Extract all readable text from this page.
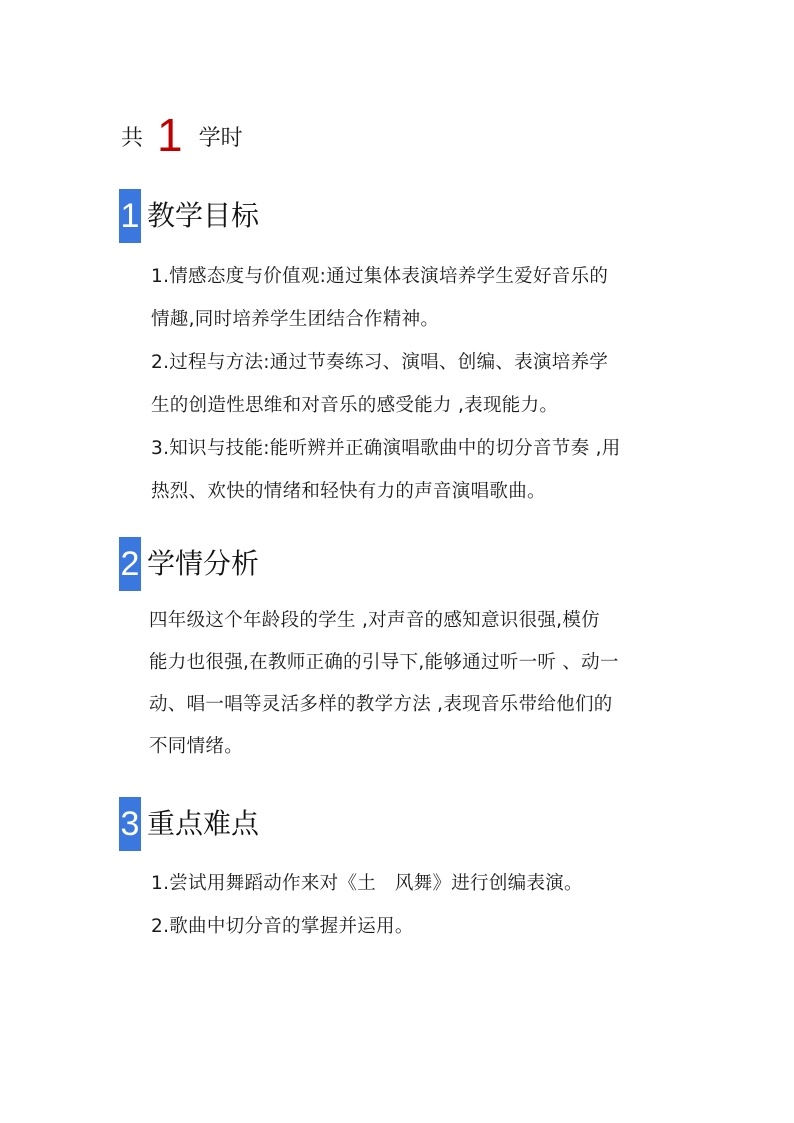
共 1 学时
1 教学目标

1.情感态度与价值观:通过集体表演培养学生爱好音乐的

情趣,同时培养学生团结合作精神。

2.过程与方法:通过节奏练习、演唱、创编、表演培养学

生的创造性思维和对音乐的感受能力 ,表现能力。

3.知识与技能:能听辨并正确演唱歌曲中的切分音节奏 ,用

热烈、欢快的情绪和轻快有力的声音演唱歌曲。

2 学情分析

四年级这个年龄段的学生 ,对声音的感知意识很强,模仿

能力也很强,在教师正确的引导下,能够通过听一听 、动一

动、唱一唱等灵活多样的教学方法 ,表现音乐带给他们的

不同情绪。

3 重点难点

1.尝试用舞蹈动作来对《土　风舞》进行创编表演。

2.歌曲中切分音的掌握并运用。
